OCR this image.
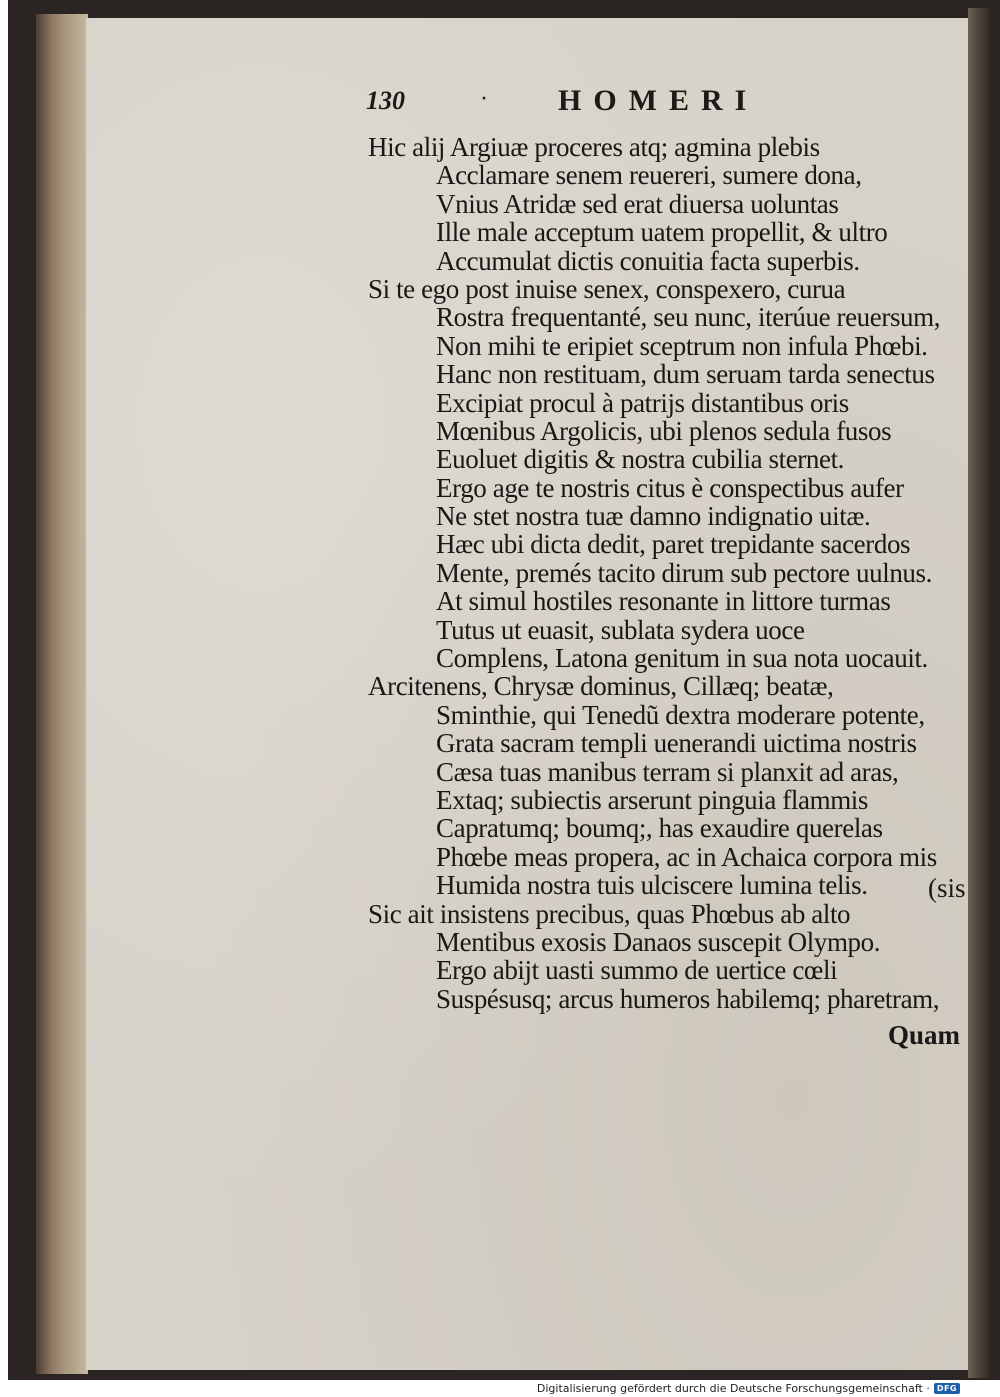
130	· HOMERI
Hic alij Argiuæ proceres atq; agmina plebis
Acclamare senem reuereri, sumere dona,
Vnius Atridæ sed erat diuersa uoluntas
Ille male acceptum uatem propellit, & ultro
Accumulat dictis conuitia facta superbis.
Si te ego post inuise senex, conspexero, curua
Rostra frequentanté, seu nunc, iterúue reuersum,
Non mihi te eripiet sceptrum non infula Phœbi.
Hanc non restituam, dum seruam tarda senectus
Excipiat procul à patrijs distantibus oris
Mœnibus Argolicis, ubi plenos sedula fusos
Euoluet digitis & nostra cubilia sternet.
Ergo age te nostris citus è conspectibus aufer
Ne stet nostra tuæ damno indignatio uitæ.
Hæc ubi dicta dedit, paret trepidante sacerdos
Mente, premés tacito dirum sub pectore uulnus.
At simul hostiles resonante in littore turmas
Tutus ut euasit, sublata sydera uoce
Complens, Latona genitum in sua nota uocauit.
Arcitenens, Chrysæ dominus, Cillæq; beatæ,
Sminthie, qui Tenedũ dextra moderare potente,
Grata sacram templi uenerandi uictima nostris
Cæsa tuas manibus terram si planxit ad aras,
Extaq; subiectis arserunt pinguia flammis
Capratumq; boumq;, has exaudire querelas
Phœbe meas propera, ac in Achaica corpora mis
Humida nostra tuis ulciscere lumina telis.
Sic ait insistens precibus, quas Phœbus ab alto
Mentibus exosis Danaos suscepit Olympo.
Ergo abijt uasti summo de uertice cœli
Suspésusq; arcus humeros habilemq; pharetram,
(sis
Quam
Digitalisierung gefördert durch die Deutsche Forschungsgemeinschaft · DFG
